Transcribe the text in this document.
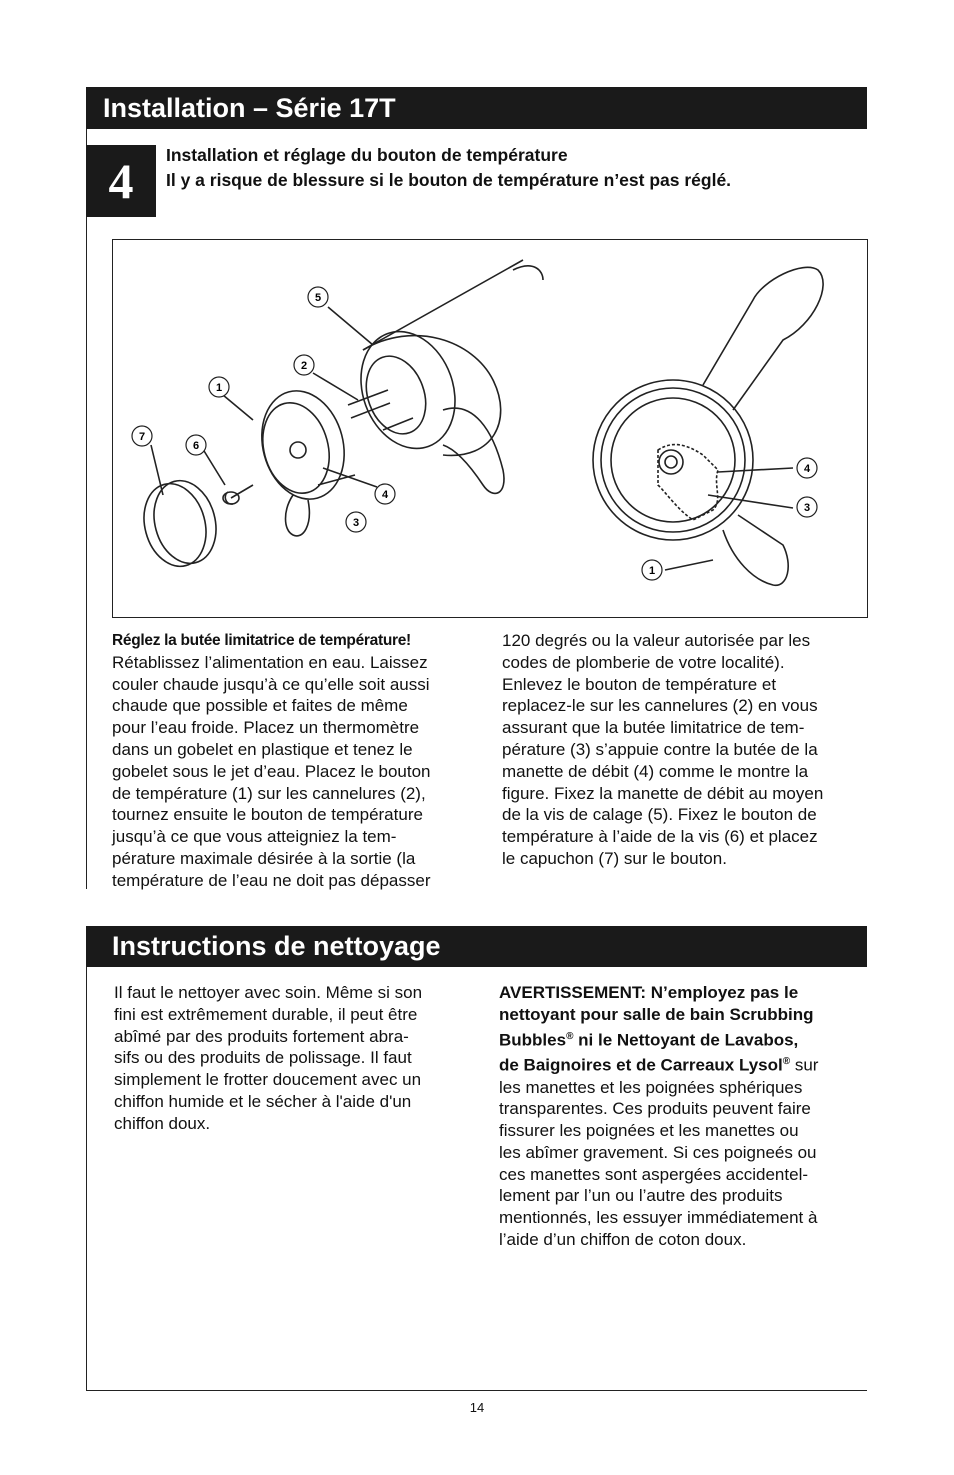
Installation – Série 17T
4 Installation et réglage du bouton de température
Il y a risque de blessure si le bouton de température n’est pas réglé.
5
2
1
7
6
4
3
4
3
1
Réglez la butée limitatrice de température!
Rétablissez l’alimentation en eau. Laissez
couler chaude jusqu’à ce qu’elle soit aussi
chaude que possible et faites de même
pour l’eau froide. Placez un thermomètre
dans un gobelet en plastique et tenez le
gobelet sous le jet d’eau. Placez le bouton
de température (1) sur les cannelures (2),
tournez ensuite le bouton de température
jusqu’à ce que vous atteigniez la tem-
pérature maximale désirée à la sortie (la
température de l’eau ne doit pas dépasser
120 degrés ou la valeur autorisée par les
codes de plomberie de votre localité).
Enlevez le bouton de température et
replacez-le sur les cannelures (2) en vous
assurant que la butée limitatrice de tem-
pérature (3) s’appuie contre la butée de la
manette de débit (4) comme le montre la
figure. Fixez la manette de débit au moyen
de la vis de calage (5). Fixez le bouton de
température à l’aide de la vis (6) et placez
le capuchon (7) sur le bouton.
Instructions de nettoyage
Il faut le nettoyer avec soin. Même si son
fini est extrêmement durable, il peut être
abîmé par des produits fortement abra-
sifs ou des produits de polissage. Il faut
simplement le frotter doucement avec un
chiffon humide et le sécher à l'aide d'un
chiffon doux.
AVERTISSEMENT: N’employez pas le
nettoyant pour salle de bain Scrubbing
Bubbles® ni le Nettoyant de Lavabos,
de Baignoires et de Carreaux Lysol® sur
les manettes et les poignées sphériques
transparentes. Ces produits peuvent faire
fissurer les poignées et les manettes ou
les abîmer gravement. Si ces poigneés ou
ces manettes sont aspergées accidentel-
lement par l’un ou l’autre des produits
mentionnés, les essuyer immédiatement à
l’aide d’un chiffon de coton doux.
14
